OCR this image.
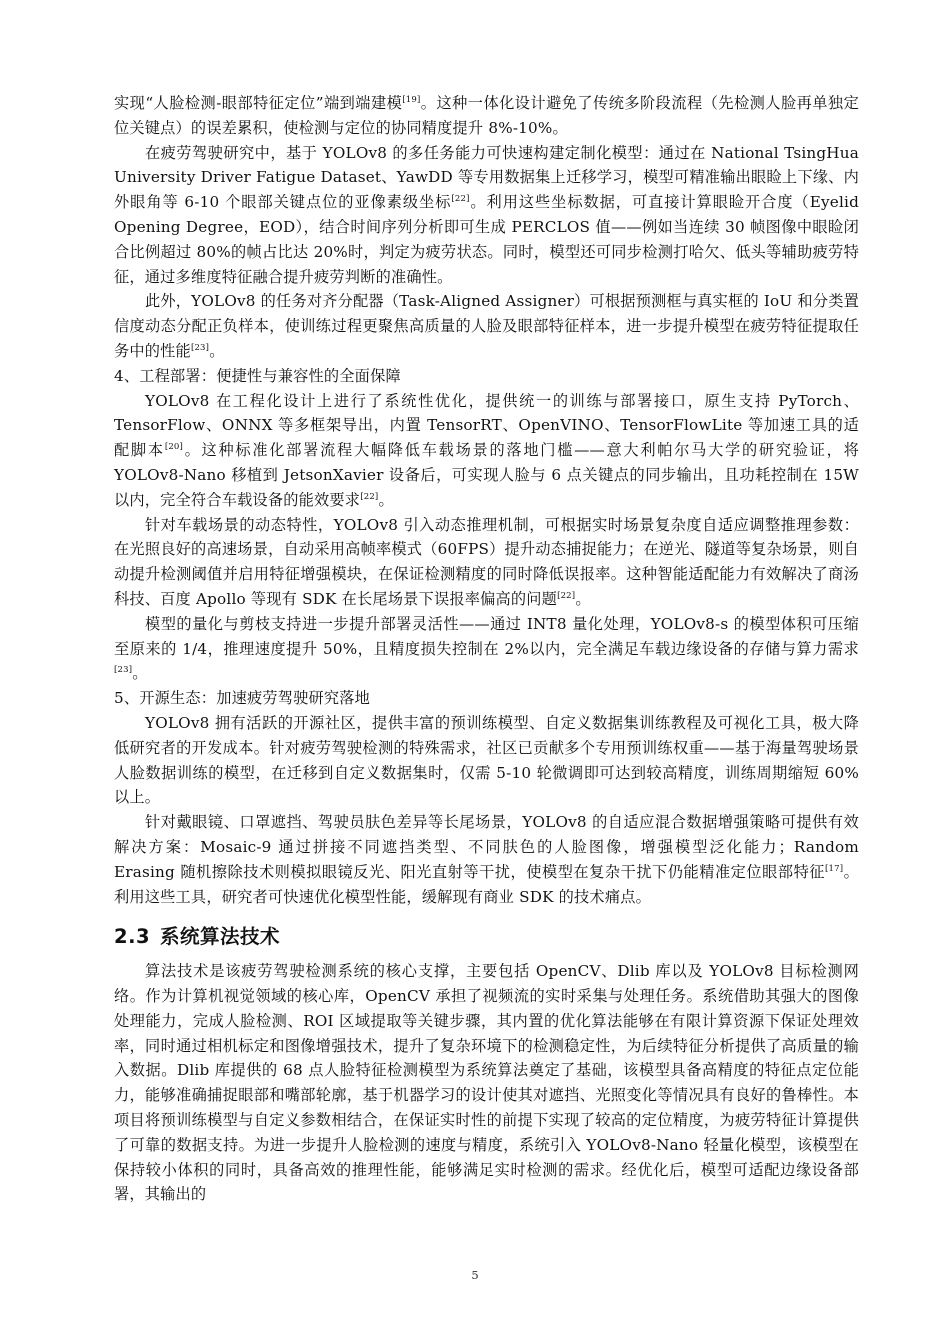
实现“人脸检测-眼部特征定位”端到端建模[19]。这种一体化设计避免了传统多阶段流程（先检测人脸再单独定位关键点）的误差累积，使检测与定位的协同精度提升 8%-10%。

在疲劳驾驶研究中，基于 YOLOv8 的多任务能力可快速构建定制化模型：通过在 National TsingHua University Driver Fatigue Dataset、YawDD 等专用数据集上迁移学习，模型可精准输出眼睑上下缘、内外眼角等 6-10 个眼部关键点位的亚像素级坐标[22]。利用这些坐标数据，可直接计算眼睑开合度（Eyelid Opening Degree，EOD），结合时间序列分析即可生成 PERCLOS 值——例如当连续 30 帧图像中眼睑闭合比例超过 80%的帧占比达 20%时，判定为疲劳状态。同时，模型还可同步检测打哈欠、低头等辅助疲劳特征，通过多维度特征融合提升疲劳判断的准确性。

此外，YOLOv8 的任务对齐分配器（Task-Aligned Assigner）可根据预测框与真实框的 IoU 和分类置信度动态分配正负样本，使训练过程更聚焦高质量的人脸及眼部特征样本，进一步提升模型在疲劳特征提取任务中的性能[23]。

4、工程部署：便捷性与兼容性的全面保障

YOLOv8 在工程化设计上进行了系统性优化，提供统一的训练与部署接口，原生支持 PyTorch、TensorFlow、ONNX 等多框架导出，内置 TensorRT、OpenVINO、TensorFlowLite 等加速工具的适配脚本[20]。这种标准化部署流程大幅降低车载场景的落地门槛——意大利帕尔马大学的研究验证，将 YOLOv8-Nano 移植到 JetsonXavier 设备后，可实现人脸与 6 点关键点的同步输出，且功耗控制在 15W 以内，完全符合车载设备的能效要求[22]。

针对车载场景的动态特性，YOLOv8 引入动态推理机制，可根据实时场景复杂度自适应调整推理参数：在光照良好的高速场景，自动采用高帧率模式（60FPS）提升动态捕捉能力；在逆光、隧道等复杂场景，则自动提升检测阈值并启用特征增强模块，在保证检测精度的同时降低误报率。这种智能适配能力有效解决了商汤科技、百度 Apollo 等现有 SDK 在长尾场景下误报率偏高的问题[22]。

模型的量化与剪枝支持进一步提升部署灵活性——通过 INT8 量化处理，YOLOv8-s 的模型体积可压缩至原来的 1/4，推理速度提升 50%，且精度损失控制在 2%以内，完全满足车载边缘设备的存储与算力需求[23]。

5、开源生态：加速疲劳驾驶研究落地

YOLOv8 拥有活跃的开源社区，提供丰富的预训练模型、自定义数据集训练教程及可视化工具，极大降低研究者的开发成本。针对疲劳驾驶检测的特殊需求，社区已贡献多个专用预训练权重——基于海量驾驶场景人脸数据训练的模型，在迁移到自定义数据集时，仅需 5-10 轮微调即可达到较高精度，训练周期缩短 60%以上。

针对戴眼镜、口罩遮挡、驾驶员肤色差异等长尾场景，YOLOv8 的自适应混合数据增强策略可提供有效解决方案：Mosaic-9 通过拼接不同遮挡类型、不同肤色的人脸图像，增强模型泛化能力；Random Erasing 随机擦除技术则模拟眼镜反光、阳光直射等干扰，使模型在复杂干扰下仍能精准定位眼部特征[17]。利用这些工具，研究者可快速优化模型性能，缓解现有商业 SDK 的技术痛点。

2.3 系统算法技术

算法技术是该疲劳驾驶检测系统的核心支撑，主要包括 OpenCV、Dlib 库以及 YOLOv8 目标检测网络。作为计算机视觉领域的核心库，OpenCV 承担了视频流的实时采集与处理任务。系统借助其强大的图像处理能力，完成人脸检测、ROI 区域提取等关键步骤，其内置的优化算法能够在有限计算资源下保证处理效率，同时通过相机标定和图像增强技术，提升了复杂环境下的检测稳定性，为后续特征分析提供了高质量的输入数据。Dlib 库提供的 68 点人脸特征检测模型为系统算法奠定了基础，该模型具备高精度的特征点定位能力，能够准确捕捉眼部和嘴部轮廓，基于机器学习的设计使其对遮挡、光照变化等情况具有良好的鲁棒性。本项目将预训练模型与自定义参数相结合，在保证实时性的前提下实现了较高的定位精度，为疲劳特征计算提供了可靠的数据支持。为进一步提升人脸检测的速度与精度，系统引入 YOLOv8-Nano 轻量化模型，该模型在保持较小体积的同时，具备高效的推理性能，能够满足实时检测的需求。经优化后，模型可适配边缘设备部署，其输出的

5
